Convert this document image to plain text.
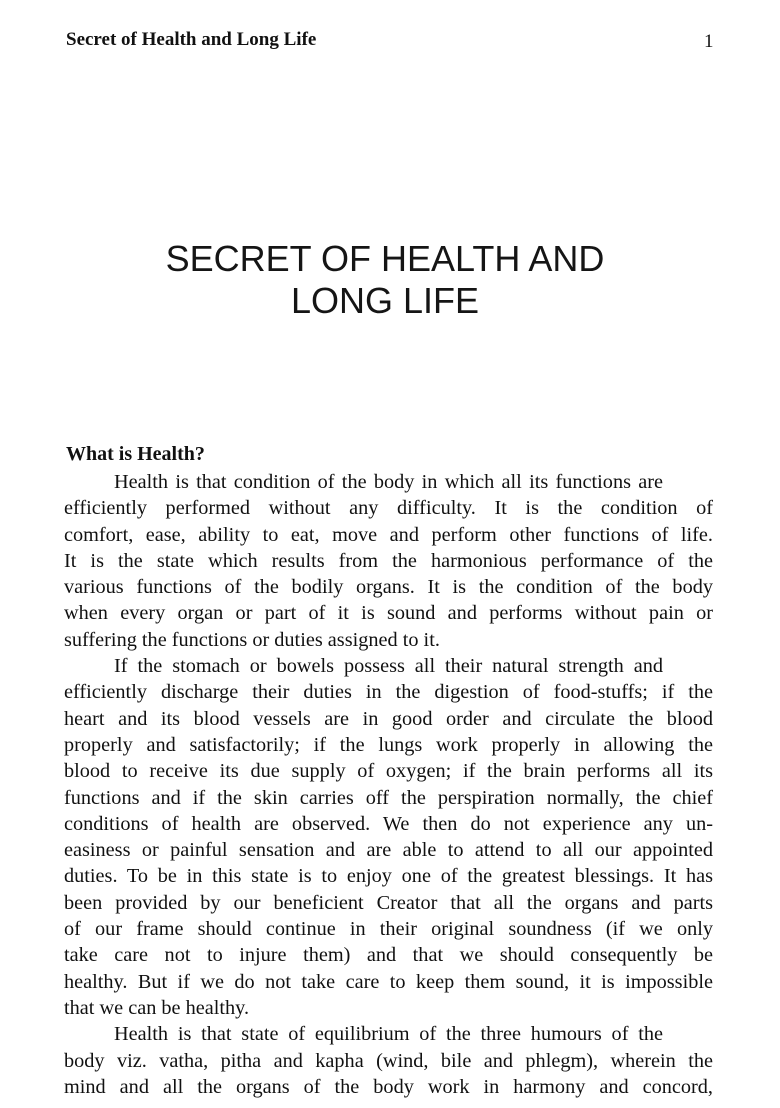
Secret of Health and Long Life	1
SECRET OF HEALTH AND
LONG LIFE
What is Health?
Health is that condition of the body in which all its functions are
efficiently performed without any difficulty. It is the condition of
comfort, ease, ability to eat, move and perform other functions of life.
It is the state which results from the harmonious performance of the
various functions of the bodily organs. It is the condition of the body
when every organ or part of it is sound and performs without pain or
suffering the functions or duties assigned to it.
If the stomach or bowels possess all their natural strength and
efficiently discharge their duties in the digestion of food-stuffs; if the
heart and its blood vessels are in good order and circulate the blood
properly and satisfactorily; if the lungs work properly in allowing the
blood to receive its due supply of oxygen; if the brain performs all its
functions and if the skin carries off the perspiration normally, the chief
conditions of health are observed. We then do not experience any un-
easiness or painful sensation and are able to attend to all our appointed
duties. To be in this state is to enjoy one of the greatest blessings. It has
been provided by our beneficient Creator that all the organs and parts
of our frame should continue in their original soundness (if we only
take care not to injure them) and that we should consequently be
healthy. But if we do not take care to keep them sound, it is impossible
that we can be healthy.
Health is that state of equilibrium of the three humours of the
body viz. vatha, pitha and kapha (wind, bile and phlegm), wherein the
mind and all the organs of the body work in harmony and concord,
